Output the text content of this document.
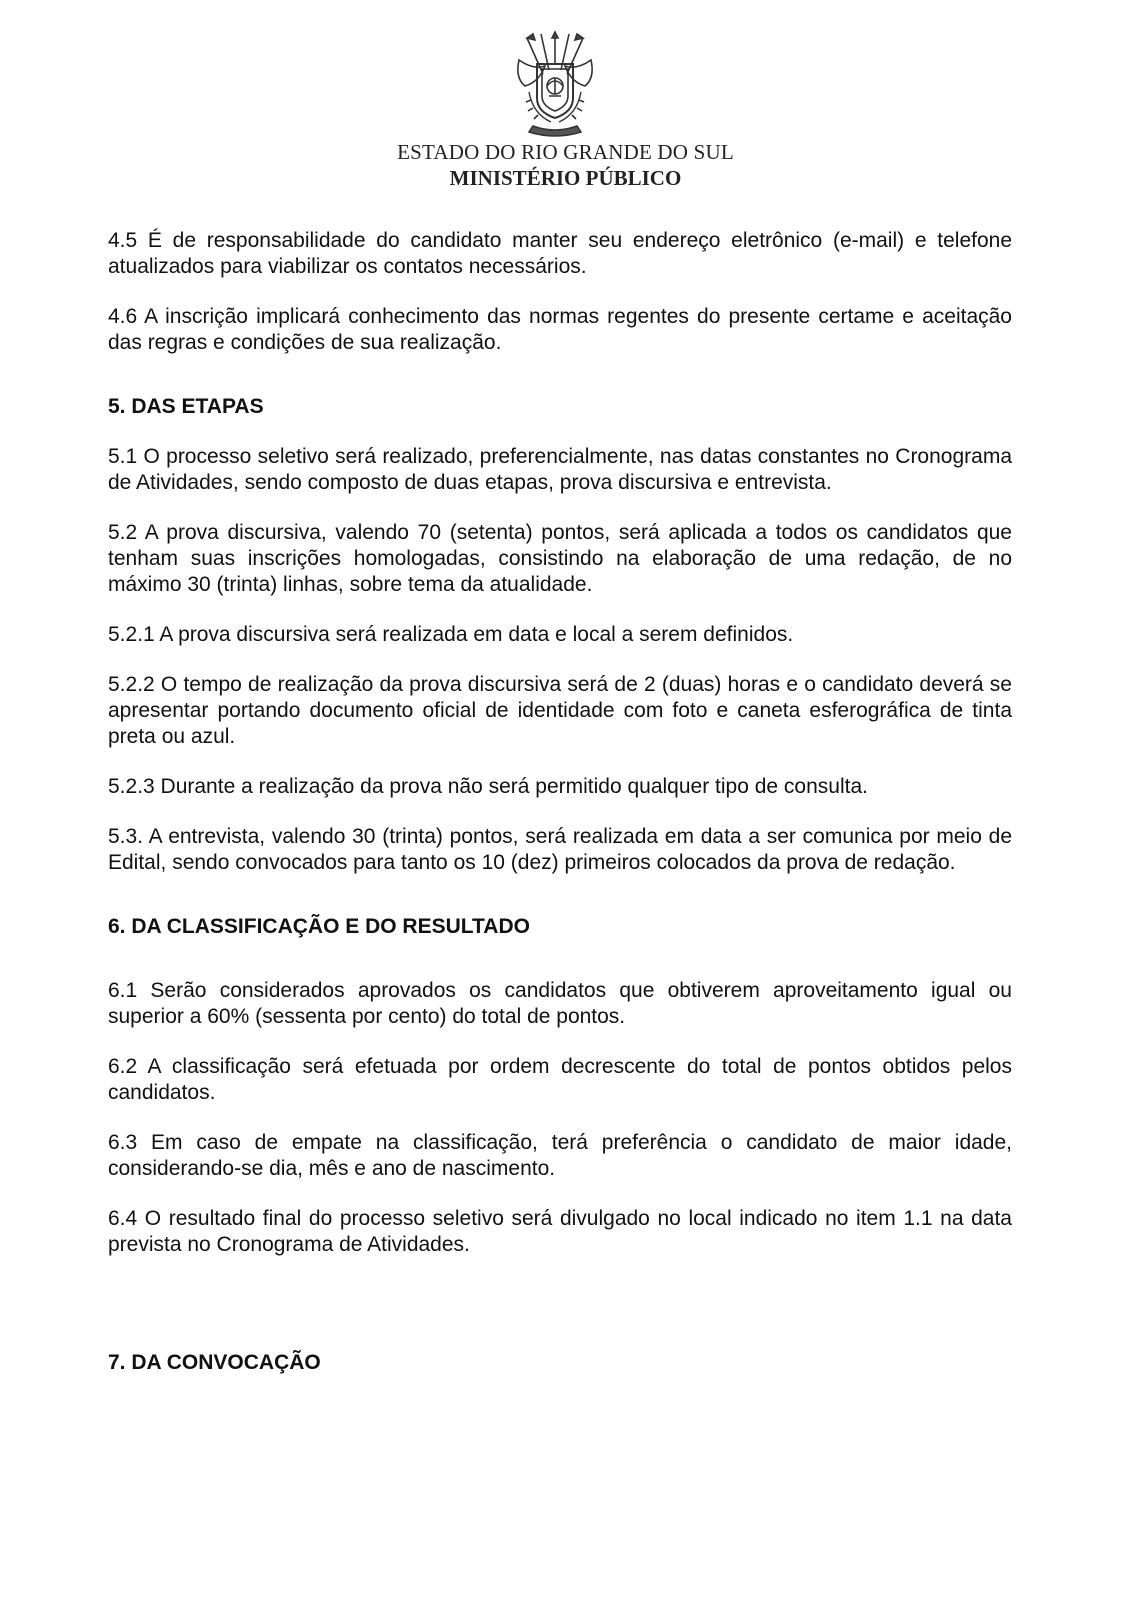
ESTADO DO RIO GRANDE DO SUL
MINISTÉRIO PÚBLICO

4.5 É de responsabilidade do candidato manter seu endereço eletrônico (e-mail) e telefone atualizados para viabilizar os contatos necessários.

4.6 A inscrição implicará conhecimento das normas regentes do presente certame e aceitação das regras e condições de sua realização.

5. DAS ETAPAS

5.1 O processo seletivo será realizado, preferencialmente, nas datas constantes no Cronograma de Atividades, sendo composto de duas etapas, prova discursiva e entrevista.

5.2 A prova discursiva, valendo 70 (setenta) pontos, será aplicada a todos os candidatos que tenham suas inscrições homologadas, consistindo na elaboração de uma redação, de no máximo 30 (trinta) linhas, sobre tema da atualidade.

5.2.1 A prova discursiva será realizada em data e local a serem definidos.

5.2.2 O tempo de realização da prova discursiva será de 2 (duas) horas e o candidato deverá se apresentar portando documento oficial de identidade com foto e caneta esferográfica de tinta preta ou azul.

5.2.3 Durante a realização da prova não será permitido qualquer tipo de consulta.

5.3. A entrevista, valendo 30 (trinta) pontos, será realizada em data a ser comunica por meio de Edital, sendo convocados para tanto os 10 (dez) primeiros colocados da prova de redação.

6. DA CLASSIFICAÇÃO E DO RESULTADO

6.1 Serão considerados aprovados os candidatos que obtiverem aproveitamento igual ou superior a 60% (sessenta por cento) do total de pontos.

6.2 A classificação será efetuada por ordem decrescente do total de pontos obtidos pelos candidatos.

6.3 Em caso de empate na classificação, terá preferência o candidato de maior idade, considerando-se dia, mês e ano de nascimento.

6.4 O resultado final do processo seletivo será divulgado no local indicado no item 1.1 na data prevista no Cronograma de Atividades.

7. DA CONVOCAÇÃO
